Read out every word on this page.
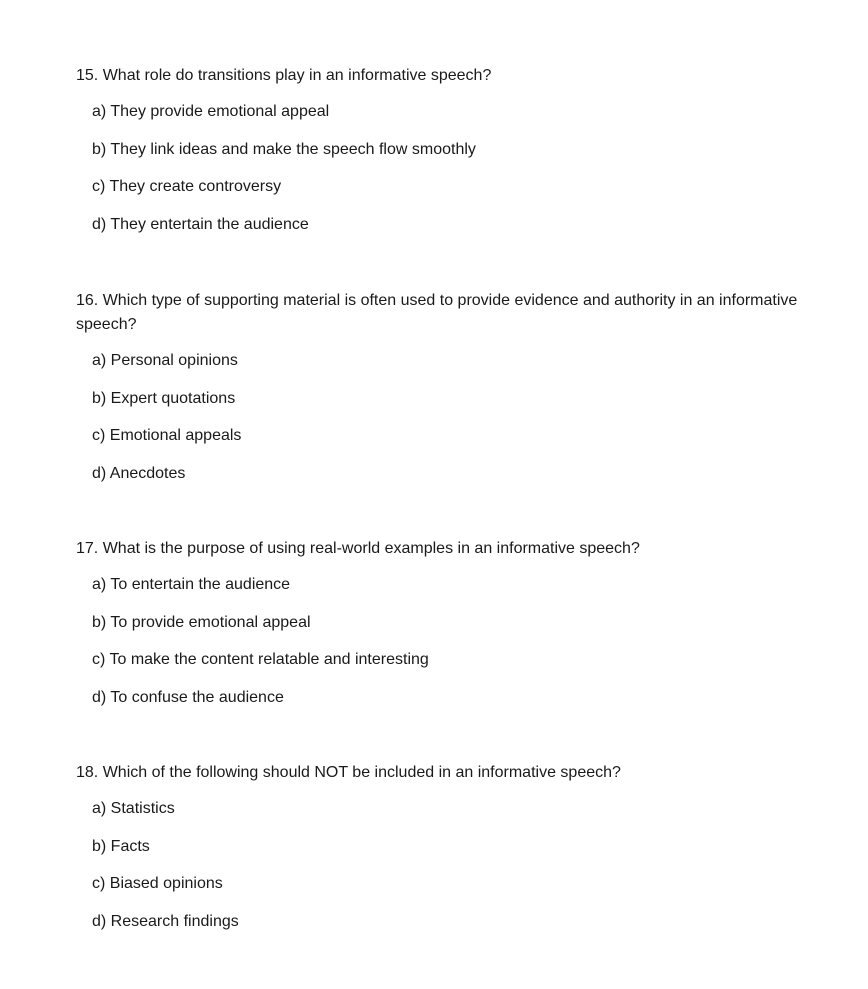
15. What role do transitions play in an informative speech?

a) They provide emotional appeal
b) They link ideas and make the speech flow smoothly
c) They create controversy
d) They entertain the audience

16. Which type of supporting material is often used to provide evidence and authority in an informative speech?

a) Personal opinions
b) Expert quotations
c) Emotional appeals
d) Anecdotes

17. What is the purpose of using real-world examples in an informative speech?

a) To entertain the audience
b) To provide emotional appeal
c) To make the content relatable and interesting
d) To confuse the audience

18. Which of the following should NOT be included in an informative speech?

a) Statistics
b) Facts
c) Biased opinions
d) Research findings
